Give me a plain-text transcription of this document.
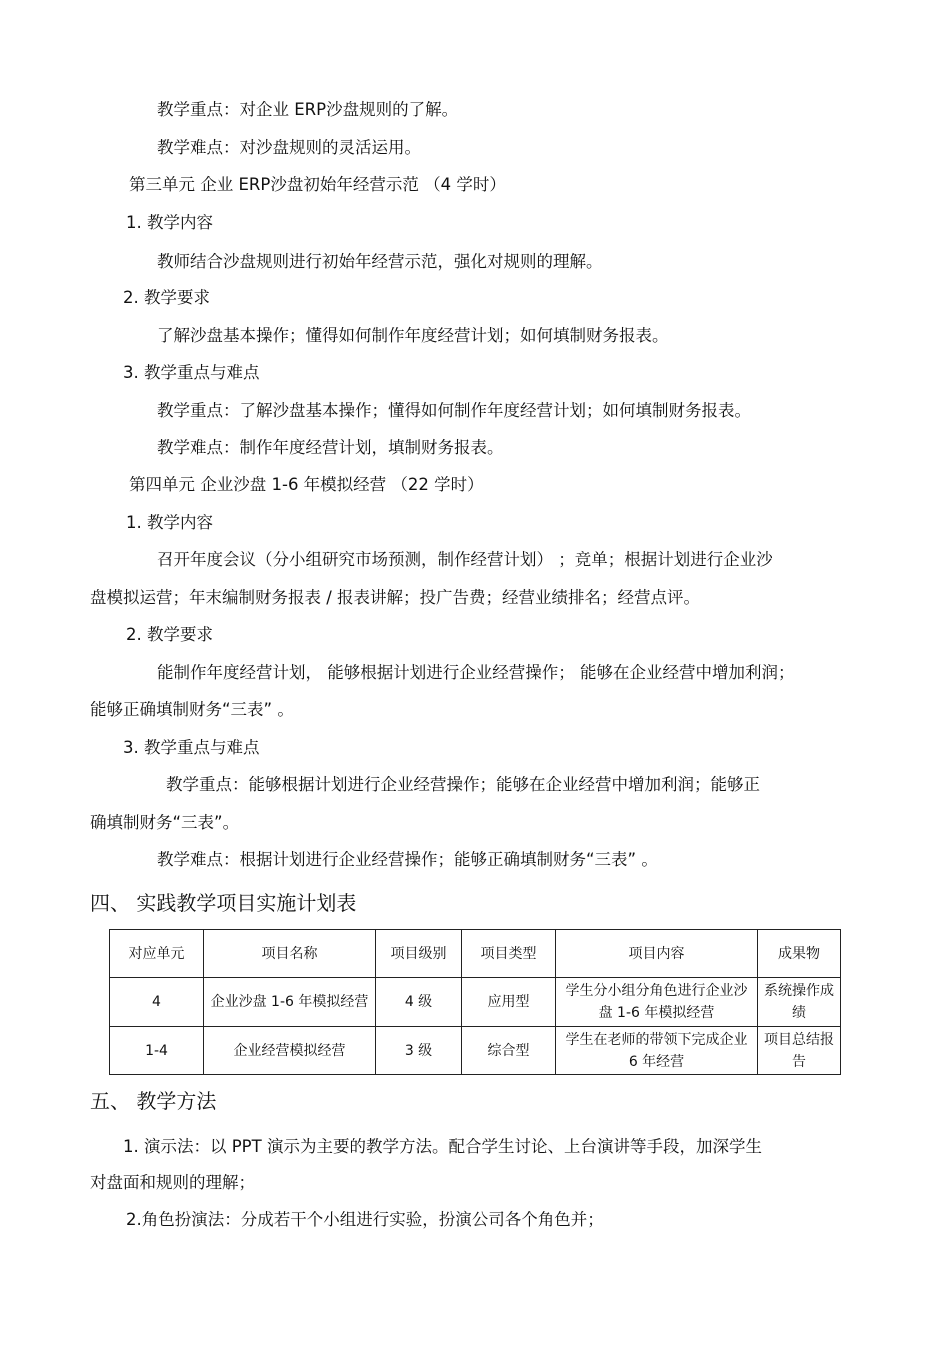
教学重点：对企业 ERP沙盘规则的了解。
教学难点：对沙盘规则的灵活运用。
第三单元 企业 ERP沙盘初始年经营示范 （4 学时）
1. 教学内容
教师结合沙盘规则进行初始年经营示范，强化对规则的理解。
2. 教学要求
了解沙盘基本操作；懂得如何制作年度经营计划；如何填制财务报表。
3. 教学重点与难点
教学重点：了解沙盘基本操作；懂得如何制作年度经营计划；如何填制财务报表。
教学难点：制作年度经营计划，填制财务报表。
第四单元 企业沙盘 1-6 年模拟经营 （22 学时）
1. 教学内容
召开年度会议（分小组研究市场预测，制作经营计划） ；竞单；根据计划进行企业沙
盘模拟运营；年末编制财务报表 / 报表讲解；投广告费；经营业绩排名；经营点评。
2. 教学要求
能制作年度经营计划， 能够根据计划进行企业经营操作； 能够在企业经营中增加利润；
能够正确填制财务“三表” 。
3. 教学重点与难点
教学重点：能够根据计划进行企业经营操作；能够在企业经营中增加利润；能够正
确填制财务“三表”。
教学难点：根据计划进行企业经营操作；能够正确填制财务“三表” 。
四、 实践教学项目实施计划表
对应单元	项目名称	项目级别	项目类型	项目内容	成果物
4	企业沙盘 1-6 年模拟经营	4 级	应用型	学生分小组分角色进行企业沙盘 1-6 年模拟经营	系统操作成绩
1-4	企业经营模拟经营	3 级	综合型	学生在老师的带领下完成企业 6 年经营	项目总结报告
五、 教学方法
1. 演示法：以 PPT 演示为主要的教学方法。配合学生讨论、上台演讲等手段，加深学生
对盘面和规则的理解；
2.角色扮演法：分成若干个小组进行实验，扮演公司各个角色并；
